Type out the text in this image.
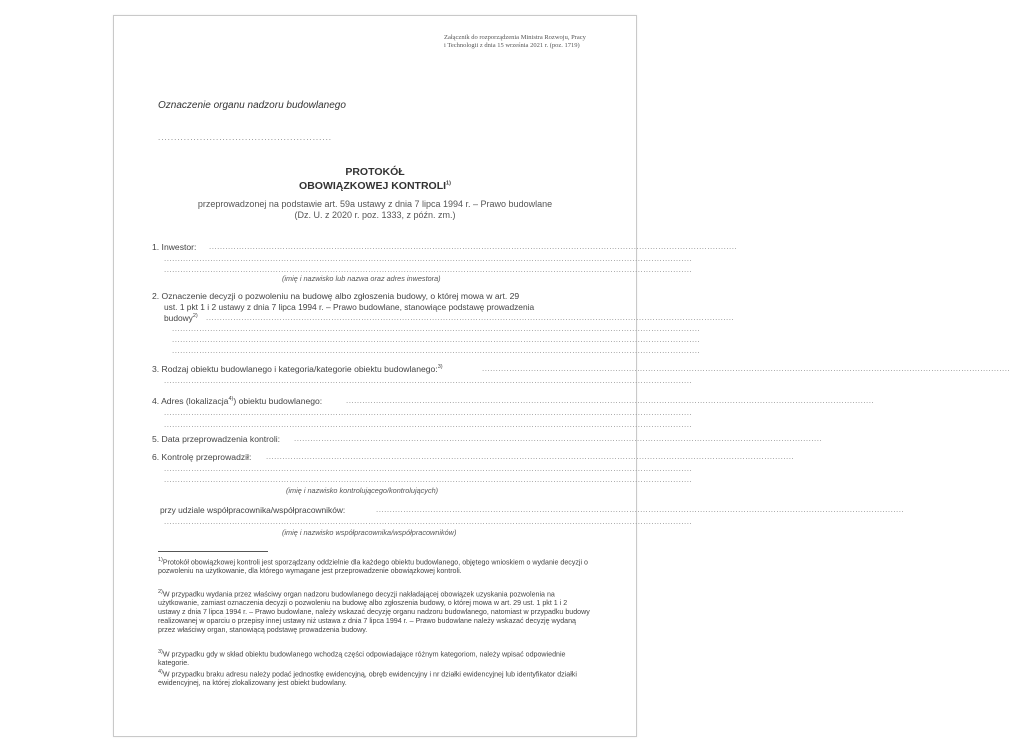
Załącznik do rozporządzenia Ministra Rozwoju, Pracy
i Technologii z dnia 15 września 2021 r. (poz. 1719)
Oznaczenie organu nadzoru budowlanego
......................................................
PROTOKÓŁ
OBOWIĄZKOWEJ KONTROLI$^{1)}$
przeprowadzonej na podstawie art. 59a ustawy z dnia 7 lipca 1994 r. – Prawo budowlane
(Dz. U. z 2020 r. poz. 1333, z późn. zm.)
1. Inwestor: ..................................................................................................................................................................................................
..................................................................................................................................................................................................
..................................................................................................................................................................................................
(imię i nazwisko lub nazwa oraz adres inwestora)
2. Oznaczenie decyzji o pozwoleniu na budowę albo zgłoszenia budowy, o której mowa w art. 29
ust. 1 pkt 1 i 2 ustawy z dnia 7 lipca 1994 r. – Prawo budowlane, stanowiące podstawę prowadzenia
budowy$^{2)}$ ..................................................................................................................................................................................................
..................................................................................................................................................................................................
..................................................................................................................................................................................................
..................................................................................................................................................................................................
3. Rodzaj obiektu budowlanego i kategoria/kategorie obiektu budowlanego:$^{3)}$	..................................................................................................................................................................................................
..................................................................................................................................................................................................
4. Adres (lokalizacja$^{4)}$) obiektu budowlanego:	..................................................................................................................................................................................................
..................................................................................................................................................................................................
..................................................................................................................................................................................................
5. Data przeprowadzenia kontroli: ..................................................................................................................................................................................................
6. Kontrolę przeprowadził: ..................................................................................................................................................................................................
..................................................................................................................................................................................................
..................................................................................................................................................................................................
(imię i nazwisko kontrolującego/kontrolujących)
przy udziale współpracownika/współpracowników:	..................................................................................................................................................................................................
..................................................................................................................................................................................................
(imię i nazwisko współpracownika/współpracowników)
$^{1)}$Protokół obowiązkowej kontroli jest sporządzany oddzielnie dla każdego obiektu budowlanego, objętego wnioskiem o wydanie decyzji o pozwoleniu na użytkowanie, dla którego wymagane jest przeprowadzenie obowiązkowej kontroli.
$^{2)}$W przypadku wydania przez właściwy organ nadzoru budowlanego decyzji nakładającej obowiązek uzyskania pozwolenia na użytkowanie, zamiast oznaczenia decyzji o pozwoleniu na budowę albo zgłoszenia budowy, o której mowa w art. 29 ust. 1 pkt 1 i 2 ustawy z dnia 7 lipca 1994 r. – Prawo budowlane, należy wskazać decyzję organu nadzoru budowlanego, natomiast w przypadku budowy realizowanej w oparciu o przepisy innej ustawy niż ustawa z dnia 7 lipca 1994 r. – Prawo budowlane należy wskazać decyzję wydaną przez właściwy organ, stanowiącą podstawę prowadzenia budowy.
$^{3)}$W przypadku gdy w skład obiektu budowlanego wchodzą części odpowiadające różnym kategoriom, należy wpisać odpowiednie kategorie.
$^{4)}$W przypadku braku adresu należy podać jednostkę ewidencyjną, obręb ewidencyjny i nr działki ewidencyjnej lub identyfikator działki ewidencyjnej, na której zlokalizowany jest obiekt budowlany.
